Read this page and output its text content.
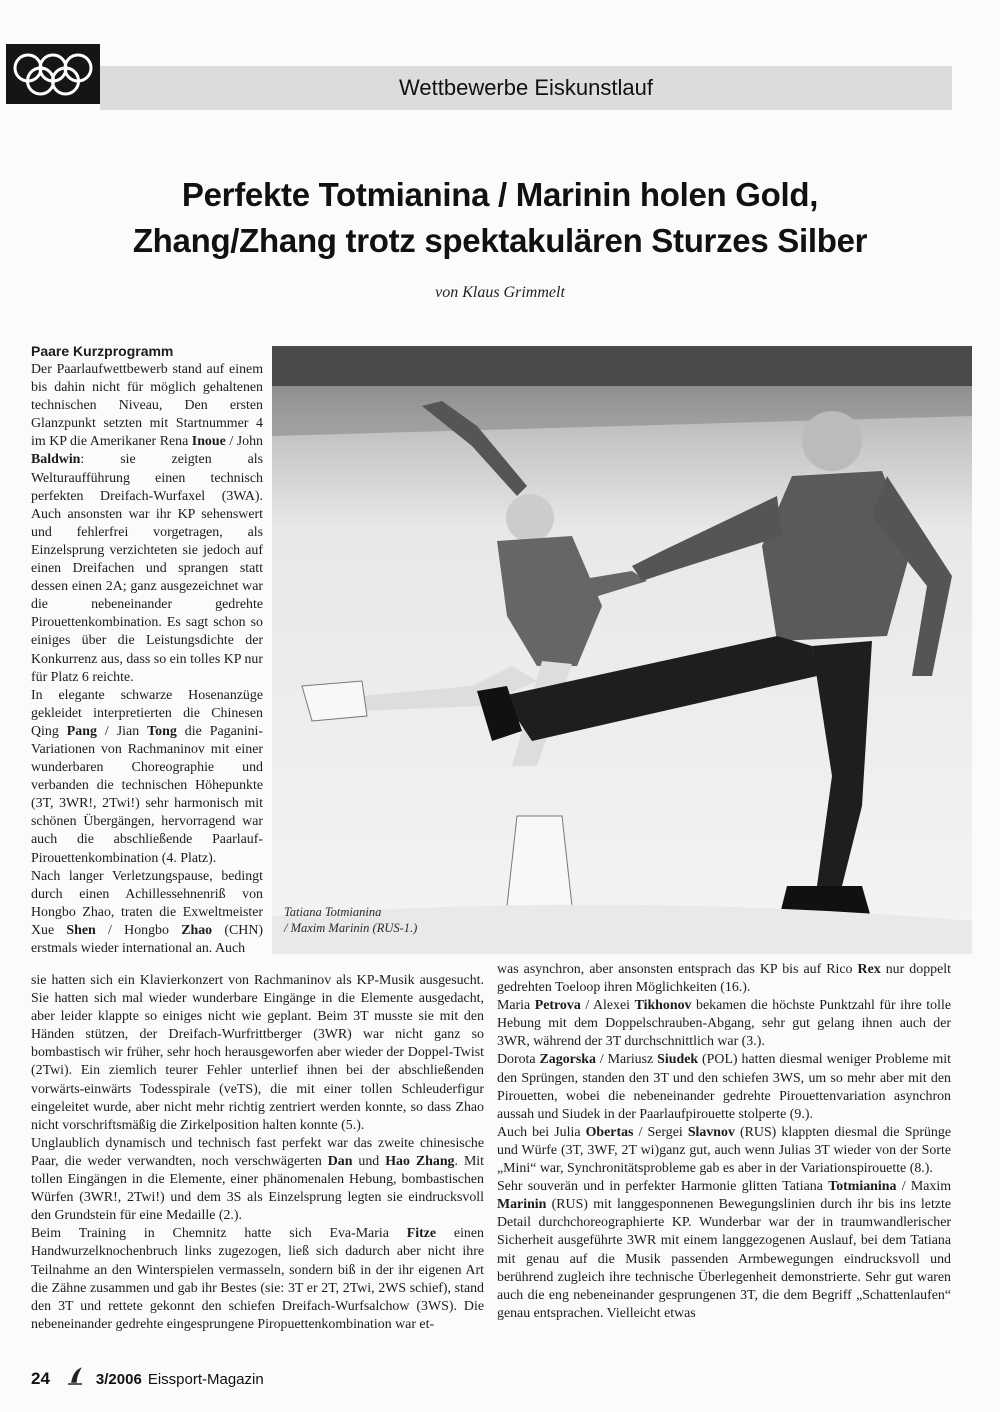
Wettbewerbe Eiskunstlauf
Perfekte Totmianina / Marinin holen Gold,
Zhang/Zhang trotz spektakulären Sturzes Silber
von Klaus Grimmelt
Paare Kurzprogramm

Der Paarlaufwettbewerb stand auf einem bis dahin nicht für möglich gehaltenen technischen Niveau, Den ersten Glanzpunkt setzten mit Startnummer 4 im KP die Amerikaner Rena Inoue / John Baldwin: sie zeigten als Welturaufführung einen technisch perfekten Dreifach-Wurfaxel (3WA). Auch ansonsten war ihr KP sehenswert und fehlerfrei vorgetragen, als Einzelsprung verzichteten sie jedoch auf einen Dreifachen und sprangen statt dessen einen 2A; ganz ausgezeichnet war die nebeneinander gedrehte Pirouettenkombination. Es sagt schon so einiges über die Leistungsdichte der Konkurrenz aus, dass so ein tolles KP nur für Platz 6 reichte.

In elegante schwarze Hosenanzüge gekleidet interpretierten die Chinesen Qing Pang / Jian Tong die Paganini-Variationen von Rachmaninov mit einer wunderbaren Choreographie und verbanden die technischen Höhepunkte (3T, 3WR!, 2Twi!) sehr harmonisch mit schönen Übergängen, hervorragend war auch die abschließende Paarlauf-Pirouettenkombination (4. Platz).

Nach langer Verletzungspause, bedingt durch einen Achillessehnenriß von Hongbo Zhao, traten die Exweltmeister Xue Shen / Hongbo Zhao (CHN) erstmals wieder international an. Auch

Tatiana Totmianina
/ Maxim Marinin (RUS-1.)

sie hatten sich ein Klavierkonzert von Rachmaninov als KP-Musik ausgesucht. Sie hatten sich mal wieder wunderbare Eingänge in die Elemente ausgedacht, aber leider klappte so einiges nicht wie geplant. Beim 3T musste sie mit den Händen stützen, der Dreifach-Wurfrittberger (3WR) war nicht ganz so bombastisch wir früher, sehr hoch herausgeworfen aber wieder der Doppel-Twist (2Twi). Ein ziemlich teurer Fehler unterlief ihnen bei der abschließenden vorwärts-einwärts Todesspirale (veTS), die mit einer tollen Schleuderfigur eingeleitet wurde, aber nicht mehr richtig zentriert werden konnte, so dass Zhao nicht vorschriftsmäßig die Zirkelposition halten konnte (5.).

Unglaublich dynamisch und technisch fast perfekt war das zweite chinesische Paar, die weder verwandten, noch verschwägerten Dan und Hao Zhang. Mit tollen Eingängen in die Elemente, einer phänomenalen Hebung, bombastischen Würfen (3WR!, 2Twi!) und dem 3S als Einzelsprung legten sie eindrucksvoll den Grundstein für eine Medaille (2.).

Beim Training in Chemnitz hatte sich Eva-Maria Fitze einen Handwurzelknochenbruch links zugezogen, ließ sich dadurch aber nicht ihre Teilnahme an den Winterspielen vermasseln, sondern biß in der ihr eigenen Art die Zähne zusammen und gab ihr Bestes (sie: 3T er 2T, 2Twi, 2WS schief), stand den 3T und rettete gekonnt den schiefen Dreifach-Wurfsalchow (3WS). Die nebeneinander gedrehte eingesprungene Piropuettenkombination war et-

was asynchron, aber ansonsten entsprach das KP bis auf Rico Rex nur doppelt gedrehten Toeloop ihren Möglichkeiten (16.).

Maria Petrova / Alexei Tikhonov bekamen die höchste Punktzahl für ihre tolle Hebung mit dem Doppelschrauben-Abgang, sehr gut gelang ihnen auch der 3WR, während der 3T durchschnittlich war (3.).

Dorota Zagorska / Mariusz Siudek (POL) hatten diesmal weniger Probleme mit den Sprüngen, standen den 3T und den schiefen 3WS, um so mehr aber mit den Pirouetten, wobei die nebeneinander gedrehte Pirouettenvariation asynchron aussah und Siudek in der Paarlaufpirouette stolperte (9.).

Auch bei Julia Obertas / Sergei Slavnov (RUS) klappten diesmal die Sprünge und Würfe (3T, 3WF, 2T wi)ganz gut, auch wenn Julias 3T wieder von der Sorte „Mini“ war, Synchronitätsprobleme gab es aber in der Variationspirouette (8.).

Sehr souverän und in perfekter Harmonie glitten Tatiana Totmianina / Maxim Marinin (RUS) mit langgesponnenen Bewegungslinien durch ihr bis ins letzte Detail durchchoreographierte KP. Wunderbar war der in traumwandlerischer Sicherheit ausgeführte 3WR mit einem langgezogenen Auslauf, bei dem Tatiana mit genau auf die Musik passenden Armbewegungen eindrucksvoll und berührend zugleich ihre technische Überlegenheit demonstrierte. Sehr gut waren auch die eng nebeneinander gesprungenen 3T, die dem Begriff „Schattenlaufen“ genau entsprachen. Vielleicht etwas

24	3/2006 Eissport-Magazin
